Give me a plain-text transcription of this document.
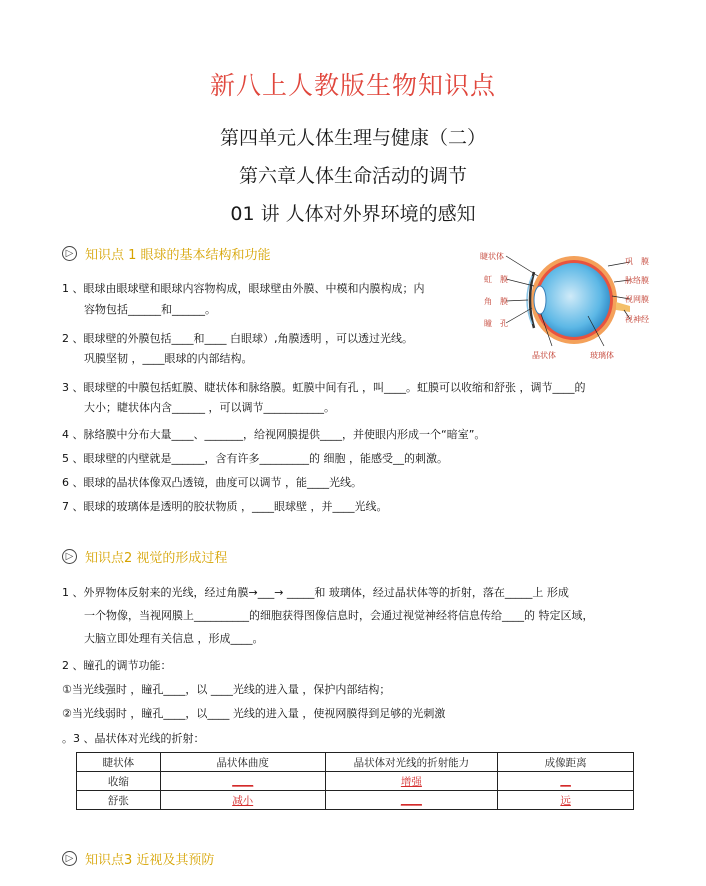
新八上人教版生物知识点
第四单元人体生理与健康（二）
第六章人体生命活动的调节
01 讲 人体对外界环境的感知
▷ 知识点 1 眼球的基本结构和功能
1 、眼球由眼球壁和眼球内容物构成，眼球壁由外膜、中模和内膜构成；内
容物包括______和______。
2 、眼球壁的外膜包括____和____ 白眼球）,角膜透明 ，可以透过光线。
巩膜坚韧 ，____眼球的内部结构。
3 、眼球壁的中膜包括虹膜、睫状体和脉络膜。虹膜中间有孔 ，叫____。虹膜可以收缩和舒张 ，调节____的
大小；睫状体内含______ ，可以调节___________。
4 、脉络膜中分布大量____、_______，给视网膜提供____，并使眼内形成一个“暗室”。
5 、眼球壁的内壁就是______，含有许多_________的 细胞 ，能感受__的刺激。
6 、眼球的晶状体像双凸透镜，曲度可以调节 ，能____光线。
7 、眼球的玻璃体是透明的胶状物质 ，____眼球壁 ，并____光线。
睫状体
虹　膜
角　膜
瞳　孔
巩　膜
脉络膜
视网膜
视神经
晶状体	玻璃体
▷ 知识点2 视觉的形成过程
1 、外界物体反射来的光线，经过角膜→___→ _____和 玻璃体，经过晶状体等的折射，落在_____上 形成
一个物像，当视网膜上__________的细胞获得图像信息时，会通过视觉神经将信息传给____的 特定区域，
大脑立即处理有关信息 ，形成____。
2 、瞳孔的调节功能：
①当光线强时 ，瞳孔____，以 ____光线的进入量 ，保护内部结构；
②当光线弱时 ，瞳孔____，以____ 光线的进入量 ，使视网膜得到足够的光刺激
。3 、晶状体对光线的折射：
睫状体	晶状体曲度	晶状体对光线的折射能力	成像距离
收缩	____	增强	__
舒张	减小	____	远
▷ 知识点3 近视及其预防
